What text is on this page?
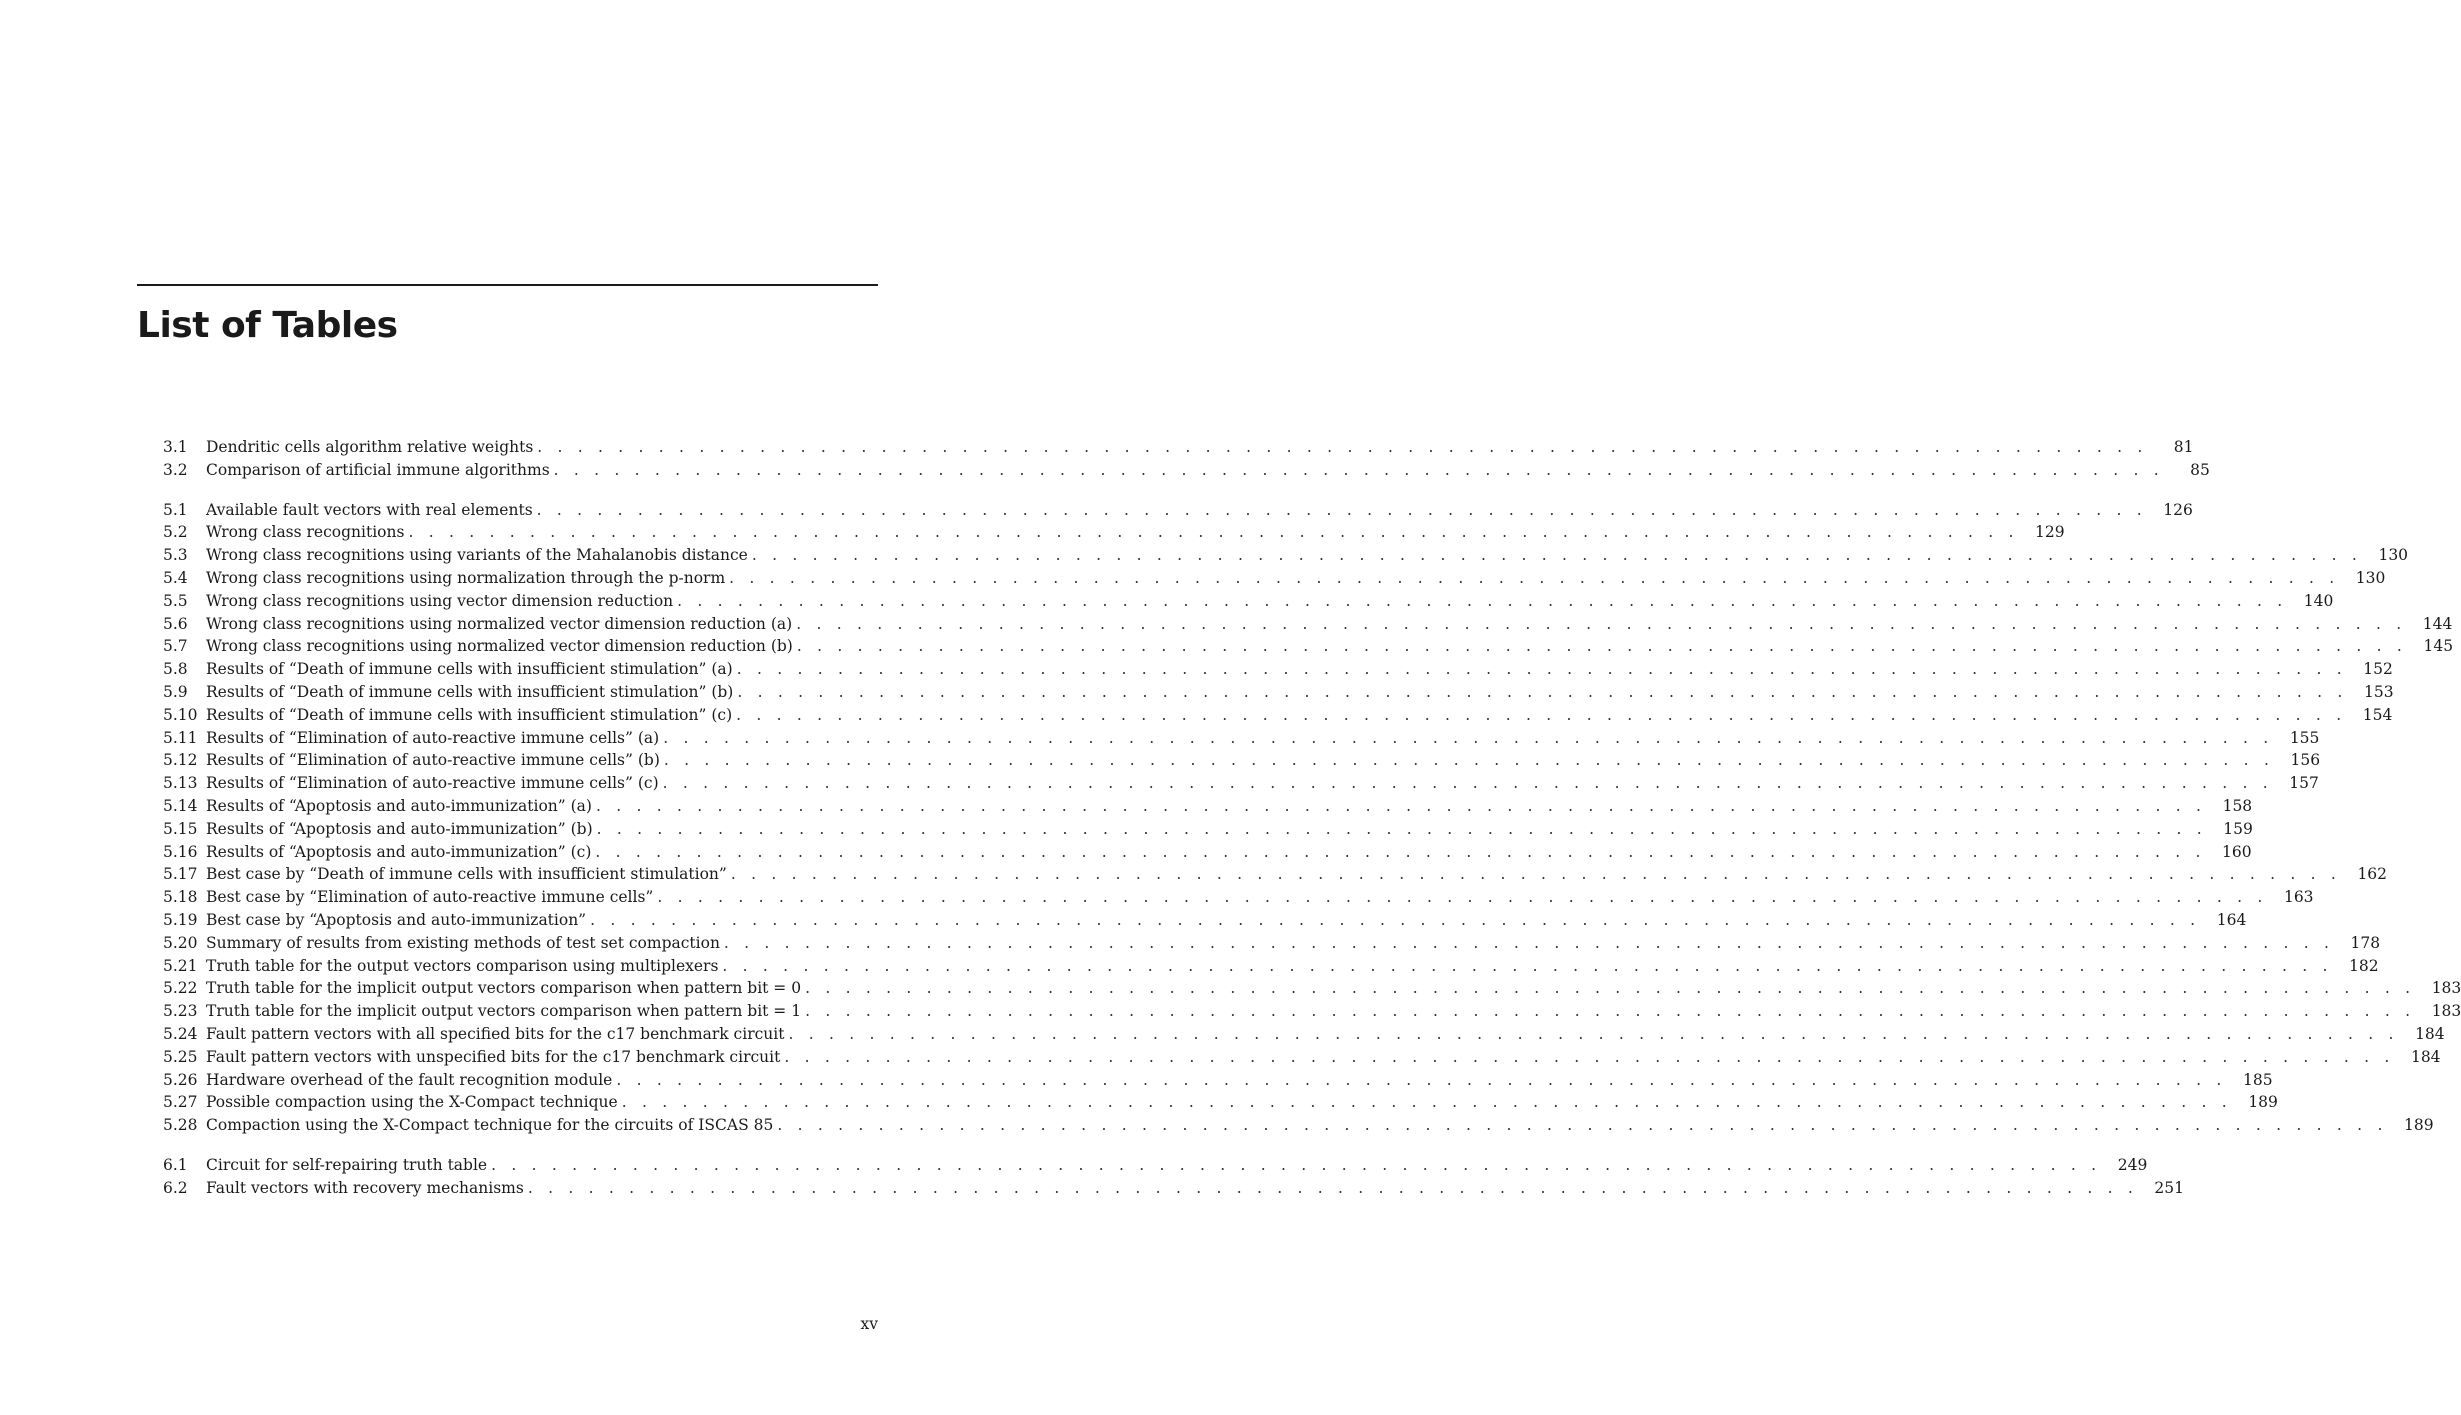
List of Tables
3.1	Dendritic cells algorithm relative weights . . . . . . . . . . . . . . . . . . . . . . . . . . . . . . . . . . . . . . . . . . . . . . . . . . . . . . . . . . . . . . . . . . . . . . . . . . . . . . . .	81
3.2	Comparison of artificial immune algorithms . . . . . . . . . . . . . . . . . . . . . . . . . . . . . . . . . . . . . . . . . . . . . . . . . . . . . . . . . . . . . . . . . . . . . . . . . . . . . . . .	85
5.1	Available fault vectors with real elements . . . . . . . . . . . . . . . . . . . . . . . . . . . . . . . . . . . . . . . . . . . . . . . . . . . . . . . . . . . . . . . . . . . . . . . . . . . . . . . .	126
5.2	Wrong class recognitions . . . . . . . . . . . . . . . . . . . . . . . . . . . . . . . . . . . . . . . . . . . . . . . . . . . . . . . . . . . . . . . . . . . . . . . . . . . . . . . .	129
5.3	Wrong class recognitions using variants of the Mahalanobis distance . . . . . . . . . . . . . . . . . . . . . . . . . . . . . . . . . . . . . . . . . . . . . . . . . . . . . . . . . . . . . . . . . . . . . . . . . . . . . . . .	130
5.4	Wrong class recognitions using normalization through the p-norm . . . . . . . . . . . . . . . . . . . . . . . . . . . . . . . . . . . . . . . . . . . . . . . . . . . . . . . . . . . . . . . . . . . . . . . . . . . . . . . .	130
5.5	Wrong class recognitions using vector dimension reduction . . . . . . . . . . . . . . . . . . . . . . . . . . . . . . . . . . . . . . . . . . . . . . . . . . . . . . . . . . . . . . . . . . . . . . . . . . . . . . . .	140
5.6	Wrong class recognitions using normalized vector dimension reduction (a) . . . . . . . . . . . . . . . . . . . . . . . . . . . . . . . . . . . . . . . . . . . . . . . . . . . . . . . . . . . . . . . . . . . . . . . . . . . . . . . .	144
5.7	Wrong class recognitions using normalized vector dimension reduction (b) . . . . . . . . . . . . . . . . . . . . . . . . . . . . . . . . . . . . . . . . . . . . . . . . . . . . . . . . . . . . . . . . . . . . . . . . . . . . . . . .	145
5.8	Results of “Death of immune cells with insufficient stimulation” (a) . . . . . . . . . . . . . . . . . . . . . . . . . . . . . . . . . . . . . . . . . . . . . . . . . . . . . . . . . . . . . . . . . . . . . . . . . . . . . . . .	152
5.9	Results of “Death of immune cells with insufficient stimulation” (b) . . . . . . . . . . . . . . . . . . . . . . . . . . . . . . . . . . . . . . . . . . . . . . . . . . . . . . . . . . . . . . . . . . . . . . . . . . . . . . . .	153
5.10 Results of “Death of immune cells with insufficient stimulation” (c) . . . . . . . . . . . . . . . . . . . . . . . . . . . . . . . . . . . . . . . . . . . . . . . . . . . . . . . . . . . . . . . . . . . . . . . . . . . . . . . .	154
5.11 Results of “Elimination of auto-reactive immune cells” (a) . . . . . . . . . . . . . . . . . . . . . . . . . . . . . . . . . . . . . . . . . . . . . . . . . . . . . . . . . . . . . . . . . . . . . . . . . . . . . . . .	155
5.12 Results of “Elimination of auto-reactive immune cells” (b) . . . . . . . . . . . . . . . . . . . . . . . . . . . . . . . . . . . . . . . . . . . . . . . . . . . . . . . . . . . . . . . . . . . . . . . . . . . . . . . .	156
5.13 Results of “Elimination of auto-reactive immune cells” (c) . . . . . . . . . . . . . . . . . . . . . . . . . . . . . . . . . . . . . . . . . . . . . . . . . . . . . . . . . . . . . . . . . . . . . . . . . . . . . . . .	157
5.14 Results of “Apoptosis and auto-immunization” (a) . . . . . . . . . . . . . . . . . . . . . . . . . . . . . . . . . . . . . . . . . . . . . . . . . . . . . . . . . . . . . . . . . . . . . . . . . . . . . . . .	158
5.15 Results of “Apoptosis and auto-immunization” (b) . . . . . . . . . . . . . . . . . . . . . . . . . . . . . . . . . . . . . . . . . . . . . . . . . . . . . . . . . . . . . . . . . . . . . . . . . . . . . . . .	159
5.16 Results of “Apoptosis and auto-immunization” (c) . . . . . . . . . . . . . . . . . . . . . . . . . . . . . . . . . . . . . . . . . . . . . . . . . . . . . . . . . . . . . . . . . . . . . . . . . . . . . . . .	160
5.17 Best case by “Death of immune cells with insufficient stimulation” . . . . . . . . . . . . . . . . . . . . . . . . . . . . . . . . . . . . . . . . . . . . . . . . . . . . . . . . . . . . . . . . . . . . . . . . . . . . . . . .	162
5.18 Best case by “Elimination of auto-reactive immune cells” . . . . . . . . . . . . . . . . . . . . . . . . . . . . . . . . . . . . . . . . . . . . . . . . . . . . . . . . . . . . . . . . . . . . . . . . . . . . . . . .	163
5.19 Best case by “Apoptosis and auto-immunization” . . . . . . . . . . . . . . . . . . . . . . . . . . . . . . . . . . . . . . . . . . . . . . . . . . . . . . . . . . . . . . . . . . . . . . . . . . . . . . . .	164
5.20 Summary of results from existing methods of test set compaction . . . . . . . . . . . . . . . . . . . . . . . . . . . . . . . . . . . . . . . . . . . . . . . . . . . . . . . . . . . . . . . . . . . . . . . . . . . . . . . .	178
5.21 Truth table for the output vectors comparison using multiplexers . . . . . . . . . . . . . . . . . . . . . . . . . . . . . . . . . . . . . . . . . . . . . . . . . . . . . . . . . . . . . . . . . . . . . . . . . . . . . . . .	182
5.22 Truth table for the implicit output vectors comparison when pattern bit = 0 . . . . . . . . . . . . . . . . . . . . . . . . . . . . . . . . . . . . . . . . . . . . . . . . . . . . . . . . . . . . . . . . . . . . . . . . . . . . . . . .	183
5.23 Truth table for the implicit output vectors comparison when pattern bit = 1 . . . . . . . . . . . . . . . . . . . . . . . . . . . . . . . . . . . . . . . . . . . . . . . . . . . . . . . . . . . . . . . . . . . . . . . . . . . . . . . .	183
5.24 Fault pattern vectors with all specified bits for the c17 benchmark circuit . . . . . . . . . . . . . . . . . . . . . . . . . . . . . . . . . . . . . . . . . . . . . . . . . . . . . . . . . . . . . . . . . . . . . . . . . . . . . . . .	184
5.25 Fault pattern vectors with unspecified bits for the c17 benchmark circuit . . . . . . . . . . . . . . . . . . . . . . . . . . . . . . . . . . . . . . . . . . . . . . . . . . . . . . . . . . . . . . . . . . . . . . . . . . . . . . . .	184
5.26 Hardware overhead of the fault recognition module . . . . . . . . . . . . . . . . . . . . . . . . . . . . . . . . . . . . . . . . . . . . . . . . . . . . . . . . . . . . . . . . . . . . . . . . . . . . . . . .	185
5.27 Possible compaction using the X-Compact technique . . . . . . . . . . . . . . . . . . . . . . . . . . . . . . . . . . . . . . . . . . . . . . . . . . . . . . . . . . . . . . . . . . . . . . . . . . . . . . . .	189
5.28 Compaction using the X-Compact technique for the circuits of ISCAS 85 . . . . . . . . . . . . . . . . . . . . . . . . . . . . . . . . . . . . . . . . . . . . . . . . . . . . . . . . . . . . . . . . . . . . . . . . . . . . . . . .	189
6.1	Circuit for self-repairing truth table . . . . . . . . . . . . . . . . . . . . . . . . . . . . . . . . . . . . . . . . . . . . . . . . . . . . . . . . . . . . . . . . . . . . . . . . . . . . . . . .	249
6.2	Fault vectors with recovery mechanisms . . . . . . . . . . . . . . . . . . . . . . . . . . . . . . . . . . . . . . . . . . . . . . . . . . . . . . . . . . . . . . . . . . . . . . . . . . . . . . . .	251
xv
